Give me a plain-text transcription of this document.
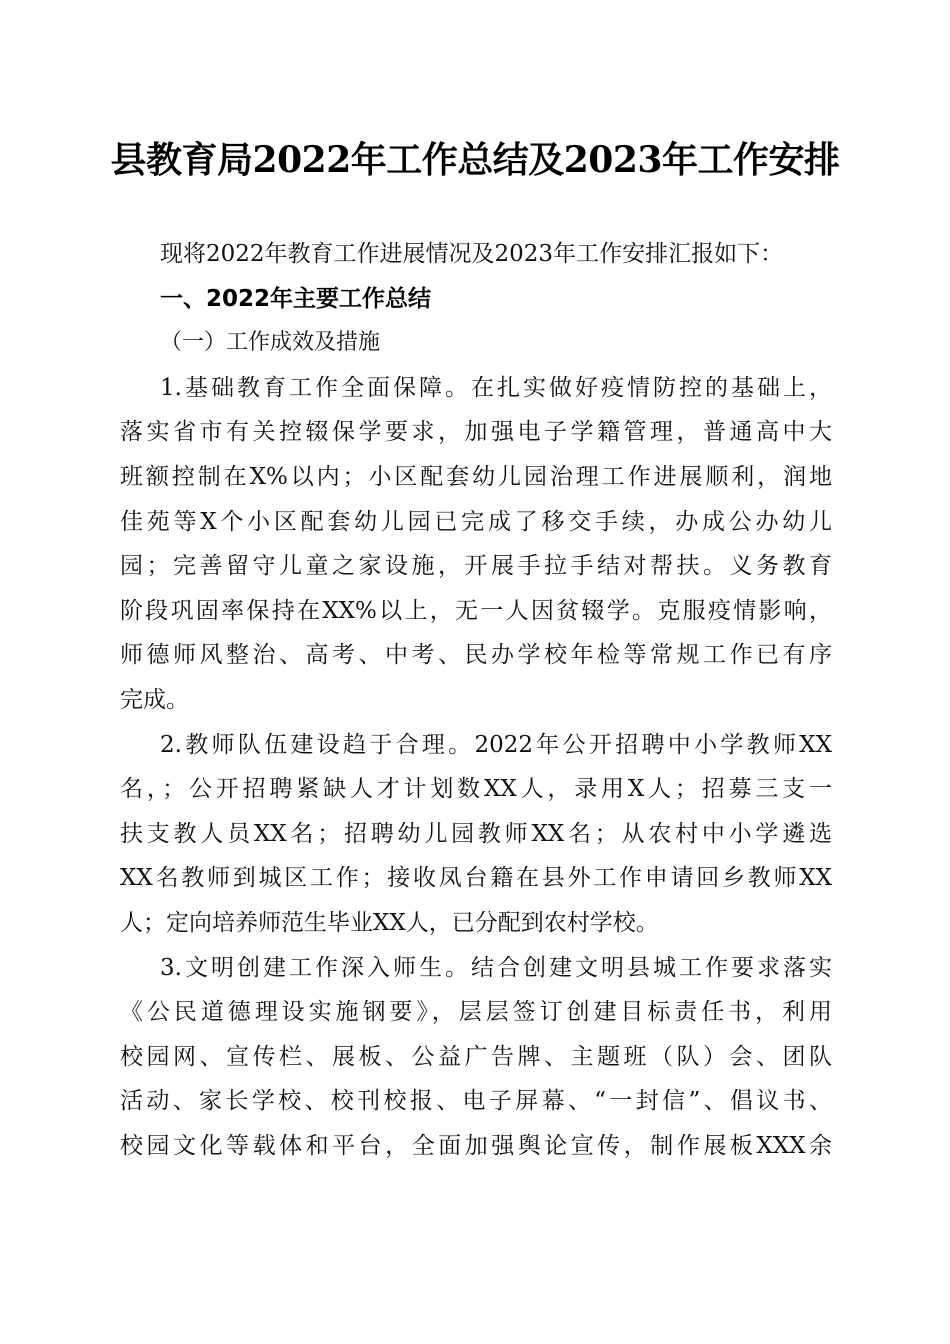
县教育局2022年工作总结及2023年工作安排
现将2022年教育工作进展情况及2023年工作安排汇报如下：
一、2022年主要工作总结
（一）工作成效及措施
1.基础教育工作全面保障。在扎实做好疫情防控的基础上，
落实省市有关控辍保学要求，加强电子学籍管理，普通高中大
班额控制在X%以内；小区配套幼儿园治理工作进展顺利，润地
佳苑等X个小区配套幼儿园已完成了移交手续，办成公办幼儿
园；完善留守儿童之家设施，开展手拉手结对帮扶。义务教育
阶段巩固率保持在XX%以上，无一人因贫辍学。克服疫情影响，
师德师风整治、高考、中考、民办学校年检等常规工作已有序
完成。
2.教师队伍建设趋于合理。2022年公开招聘中小学教师XX
名，；公开招聘紧缺人才计划数XX人，录用X人；招募三支一
扶支教人员XX名；招聘幼儿园教师XX名；从农村中小学遴选
XX名教师到城区工作；接收凤台籍在县外工作申请回乡教师XX
人；定向培养师范生毕业XX人，已分配到农村学校。
3.文明创建工作深入师生。结合创建文明县城工作要求落实
《公民道德理设实施钢要》，层层签订创建目标责任书，利用
校园网、宣传栏、展板、公益广告牌、主题班（队）会、团队
活动、家长学校、校刊校报、电子屏幕、“一封信”、倡议书、
校园文化等载体和平台，全面加强舆论宣传，制作展板XXX余
